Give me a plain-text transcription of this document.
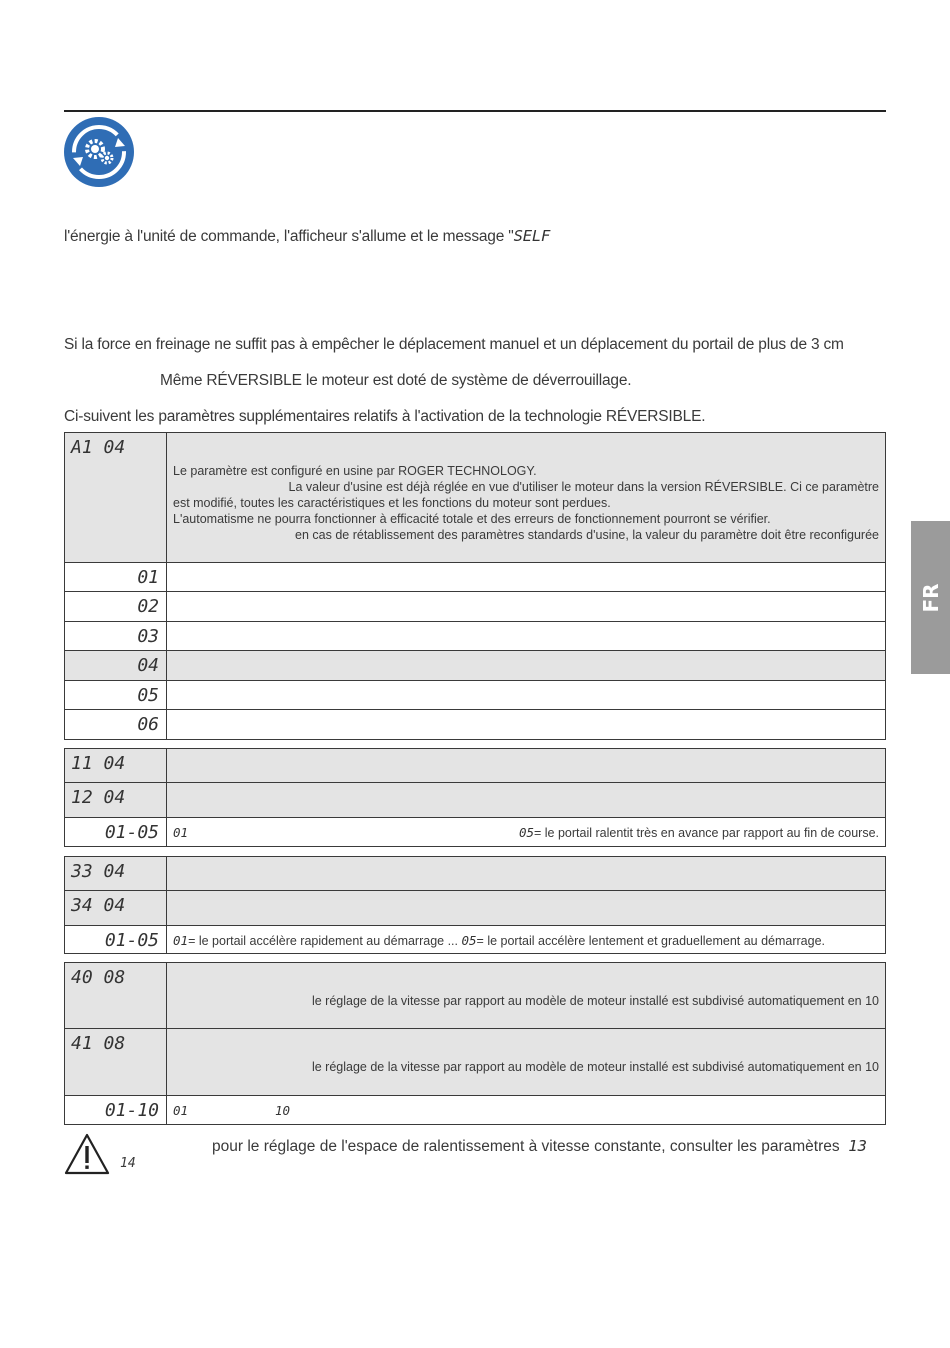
l'énergie à l'unité de commande, l'afficheur s'allume et le message "SELF
Si la force en freinage ne suffit pas à empêcher le déplacement manuel et un déplacement du portail de plus de 3 cm
Même RÉVERSIBLE le moteur est doté de système de déverrouillage.
Ci-suivent les paramètres supplémentaires relatifs à l'activation de la technologie RÉVERSIBLE.
FR
A1 04	Le paramètre est configuré en usine par ROGER TECHNOLOGY.
La valeur d'usine est déjà réglée en vue d'utiliser le moteur dans la version RÉVERSIBLE. Ci ce paramètre
est modifié, toutes les caractéristiques et les fonctions du moteur sont perdues.
L'automatisme ne pourra fonctionner à efficacité totale et des erreurs de fonctionnement pourront se vérifier.
en cas de rétablissement des paramètres standards d'usine, la valeur du paramètre doit être reconfigurée

01	
02	
03	
04	
05	
06	
11 04	
12 04	
01-05	01 05= le portail ralentit très en avance par rapport au fin de course.
33 04	
34 04	
01-05	01= le portail accélère rapidement au démarrage ... 05= le portail accélère lentement et graduellement au démarrage.
40 08	le réglage de la vitesse par rapport au modèle de moteur installé est subdivisé automatiquement en 10

41 08	le réglage de la vitesse par rapport au modèle de moteur installé est subdivisé automatiquement en 10

01-10	01 10
pour le réglage de l'espace de ralentissement à vitesse constante, consulter les paramètres 13
14
